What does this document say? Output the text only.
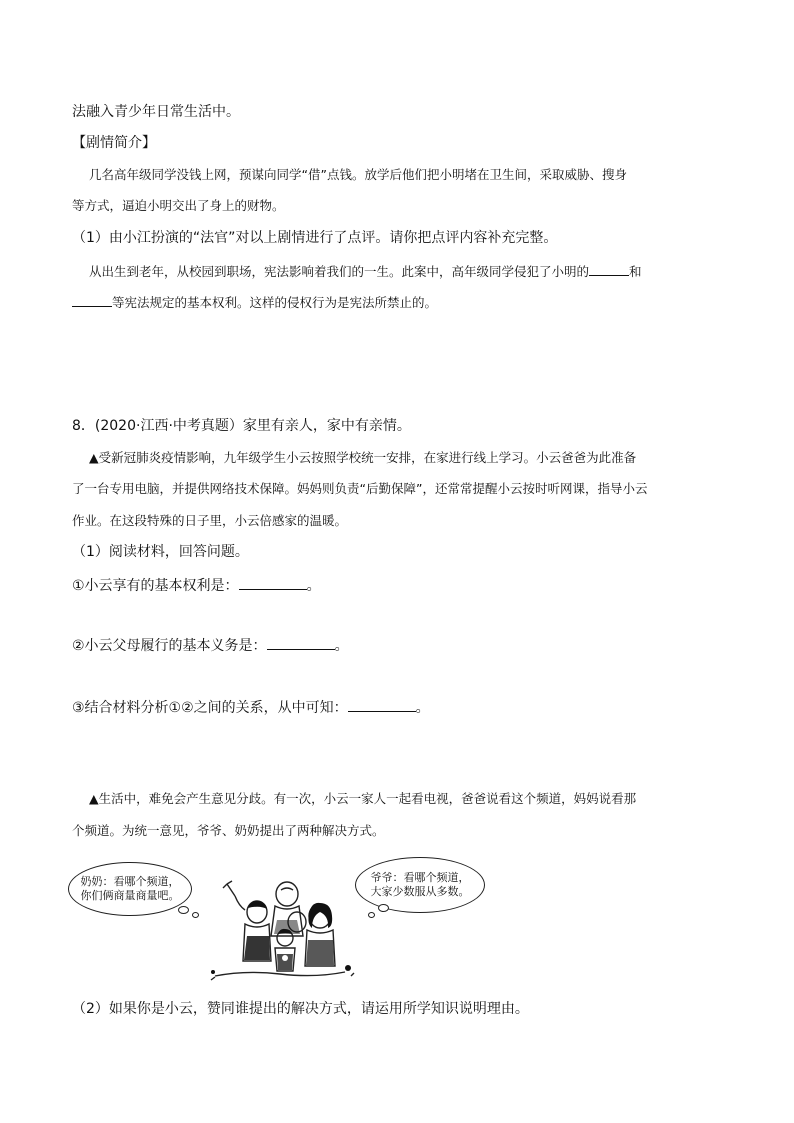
法融入青少年日常生活中。
【剧情简介】
几名高年级同学没钱上网，预谋向同学“借”点钱。放学后他们把小明堵在卫生间，采取威胁、搜身
等方式，逼迫小明交出了身上的财物。
（1）由小江扮演的“法官”对以上剧情进行了点评。请你把点评内容补充完整。
从出生到老年，从校园到职场，宪法影响着我们的一生。此案中，高年级同学侵犯了小明的	和
等宪法规定的基本权利。这样的侵权行为是宪法所禁止的。
8．(2020·江西·中考真题）家里有亲人，家中有亲情。
▲受新冠肺炎疫情影响，九年级学生小云按照学校统一安排，在家进行线上学习。小云爸爸为此准备
了一台专用电脑，并提供网络技术保障。妈妈则负责“后勤保障”，还常常提醒小云按时听网课，指导小云
作业。在这段特殊的日子里，小云倍感家的温暖。
（1）阅读材料，回答问题。
①小云享有的基本权利是：	。
②小云父母履行的基本义务是：	。
③结合材料分析①②之间的关系，从中可知：	。
▲生活中，难免会产生意见分歧。有一次，小云一家人一起看电视，爸爸说看这个频道，妈妈说看那
个频道。为统一意见，爷爷、奶奶提出了两种解决方式。
奶奶：看哪个频道，
你们俩商量商量吧。
爷爷：看哪个频道，
大家少数服从多数。
（2）如果你是小云，赞同谁提出的解决方式，请运用所学知识说明理由。
